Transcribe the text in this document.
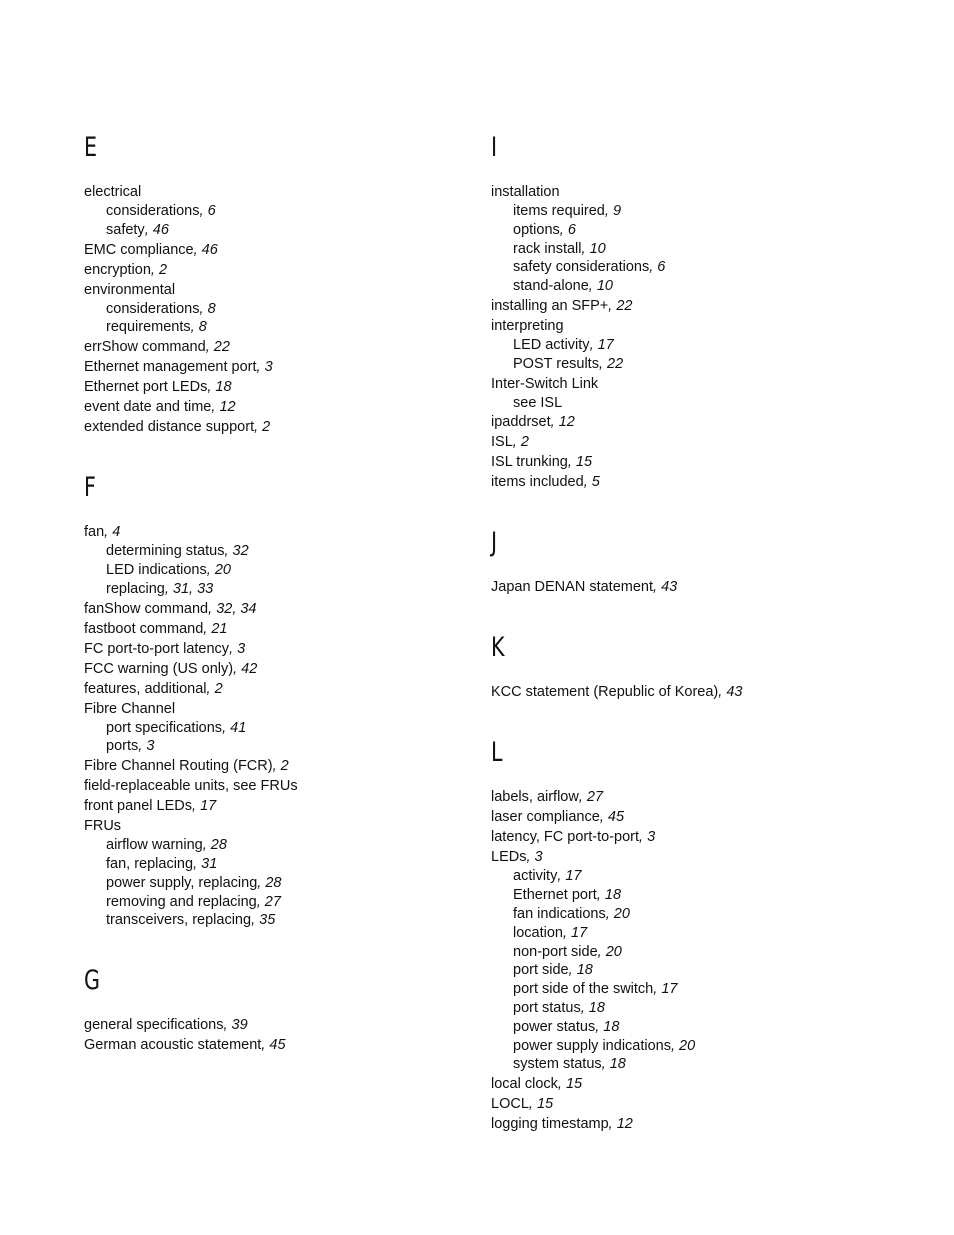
E
electrical
considerations, 6
safety, 46
EMC compliance, 46
encryption, 2
environmental
considerations, 8
requirements, 8
errShow command, 22
Ethernet management port, 3
Ethernet port LEDs, 18
event date and time, 12
extended distance support, 2
F
fan, 4
determining status, 32
LED indications, 20
replacing, 31, 33
fanShow command, 32, 34
fastboot command, 21
FC port-to-port latency, 3
FCC warning (US only), 42
features, additional, 2
Fibre Channel
port specifications, 41
ports, 3
Fibre Channel Routing (FCR), 2
field-replaceable units, see FRUs
front panel LEDs, 17
FRUs
airflow warning, 28
fan, replacing, 31
power supply, replacing, 28
removing and replacing, 27
transceivers, replacing, 35
G
general specifications, 39
German acoustic statement, 45
I
installation
items required, 9
options, 6
rack install, 10
safety considerations, 6
stand-alone, 10
installing an SFP+, 22
interpreting
LED activity, 17
POST results, 22
Inter-Switch Link
see ISL
ipaddrset, 12
ISL, 2
ISL trunking, 15
items included, 5
J
Japan DENAN statement, 43
K
KCC statement (Republic of Korea), 43
L
labels, airflow, 27
laser compliance, 45
latency, FC port-to-port, 3
LEDs, 3
activity, 17
Ethernet port, 18
fan indications, 20
location, 17
non-port side, 20
port side, 18
port side of the switch, 17
port status, 18
power status, 18
power supply indications, 20
system status, 18
local clock, 15
LOCL, 15
logging timestamp, 12
